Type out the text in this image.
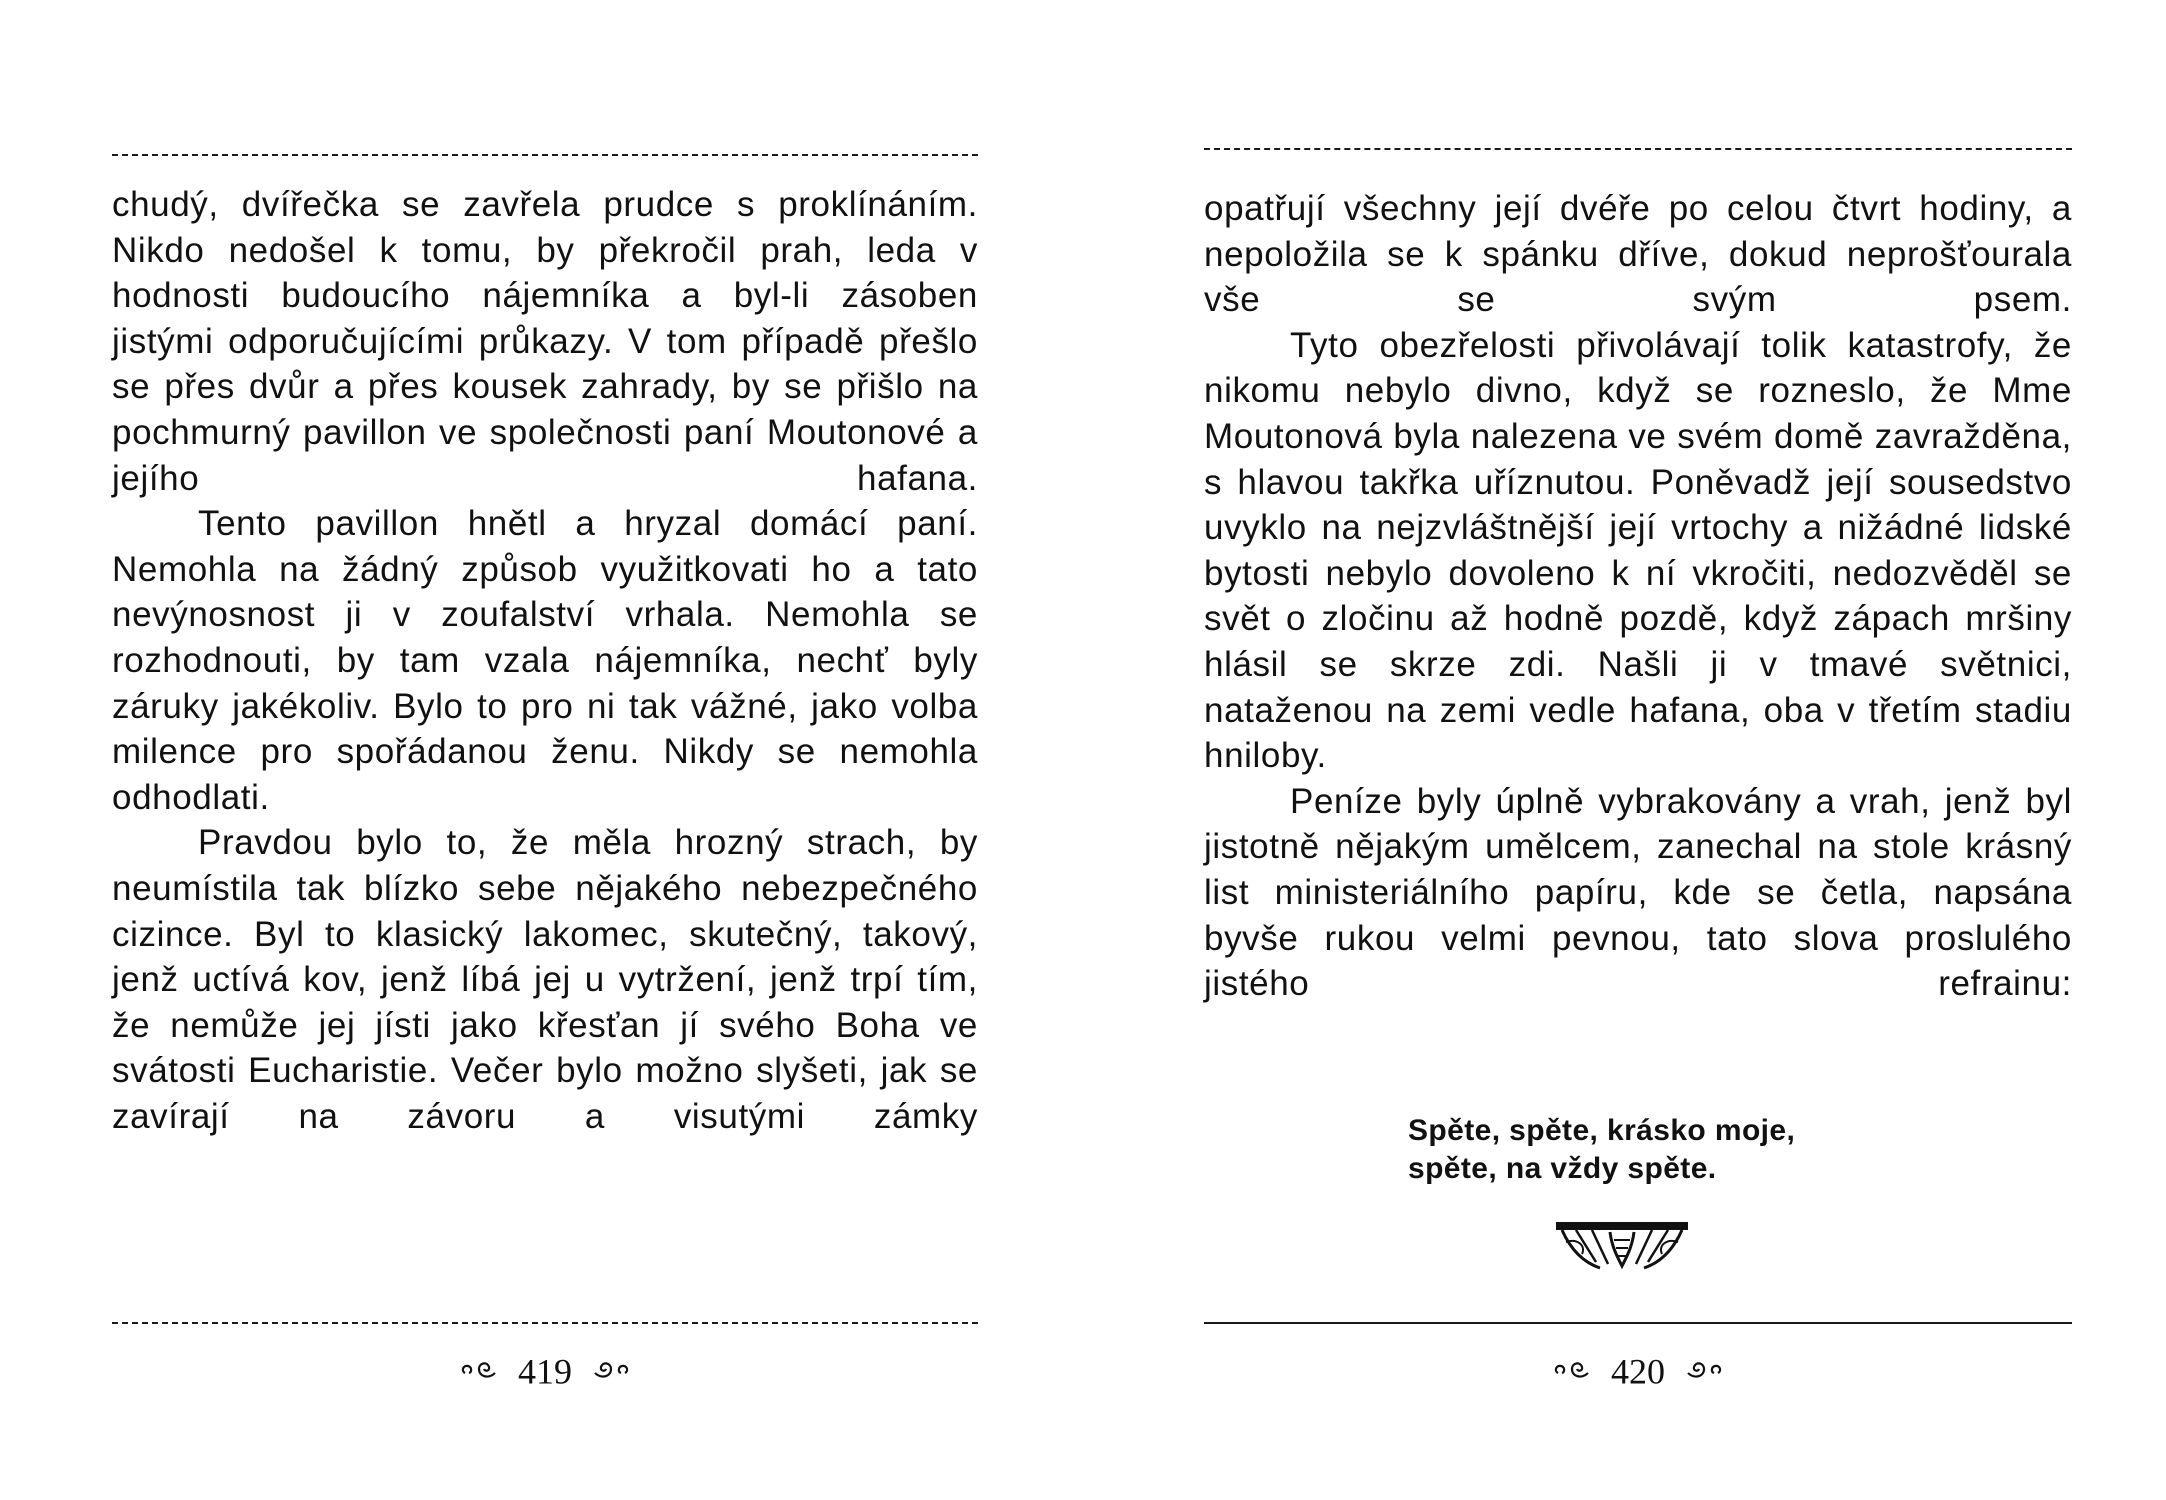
chudý, dvířečka se zavřela prudce s proklínáním. Nikdo nedošel k tomu, by překročil prah, leda v hodnosti budoucího nájemníka a byl-li zásoben jistými odporučujícími průkazy. V tom případě přešlo se přes dvůr a přes kousek zahrady, by se přišlo na pochmurný pavillon ve společnosti paní Moutonové a jejího hafana.

Tento pavillon hnětl a hryzal domácí paní. Nemohla na žádný způsob využitkovati ho a tato nevýnosnost ji v zoufalství vrhala. Nemohla se rozhodnouti, by tam vzala nájemníka, nechť byly záruky jakékoliv. Bylo to pro ni tak vážné, jako volba milence pro spořádanou ženu. Nikdy se nemohla odhodlati.

Pravdou bylo to, že měla hrozný strach, by neumístila tak blízko sebe nějakého nebezpečného cizince. Byl to klasický lakomec, skutečný, takový, jenž uctívá kov, jenž líbá jej u vytržení, jenž trpí tím, že nemůže jej jísti jako křesťan jí svého Boha ve svátosti Eucharistie. Večer bylo možno slyšeti, jak se zavírají na závoru a visutými zámky

419

opatřují všechny její dvéře po celou čtvrt hodiny, a nepoložila se k spánku dříve, dokud neprošťourala vše se svým psem.

Tyto obezřelosti přivolávají tolik katastrofy, že nikomu nebylo divno, když se rozneslo, že Mme Moutonová byla nalezena ve svém domě zavražděna, s hlavou takřka uříznutou. Poněvadž její sousedstvo uvyklo na nejzvláštnější její vrtochy a nižádné lidské bytosti nebylo dovoleno k ní vkročiti, nedozvěděl se svět o zločinu až hodně pozdě, když zápach mršiny hlásil se skrze zdi. Našli ji v tmavé světnici, nataženou na zemi vedle hafana, oba v třetím stadiu hniloby.

Peníze byly úplně vybrakovány a vrah, jenž byl jistotně nějakým umělcem, zanechal na stole krásný list ministeriálního papíru, kde se četla, napsána byvše rukou velmi pevnou, tato slova proslulého jistého refrainu:

Spěte, spěte, krásko moje,
spěte, na vždy spěte.
420
